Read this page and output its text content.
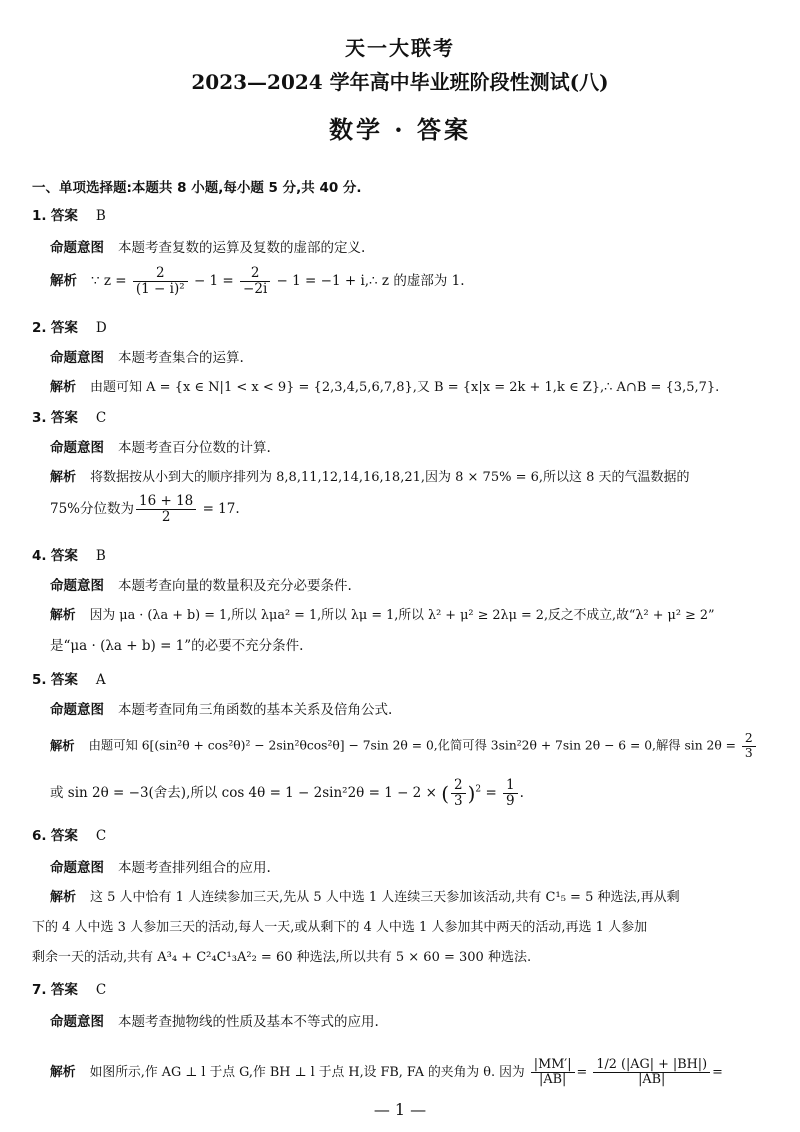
天一大联考
2023—2024 学年高中毕业班阶段性测试(八)
数学 · 答案
一、单项选择题:本题共 8 小题,每小题 5 分,共 40 分.
1. 答案 B
命题意图 本题考查复数的运算及复数的虚部的定义.
解析 ∵ $z = \frac{2}{\text{(1 − i)²}} - 1 = \frac{2}{-2i} - 1 = -1$ + i,∴ z 的虚部为 1.
2. 答案 D
命题意图 本题考查集合的运算.
解析 由题可知 A = {x ∈ N|1 < x < 9} = {2,3,4,5,6,7,8},又 B = {x|x = 2k + 1,k ∈ Z},∴ A∩B = {3,5,7}.
3. 答案 C
命题意图 本题考查百分位数的计算.
解析 将数据按从小到大的顺序排列为 8,8,11,12,14,16,18,21,因为 8 × 75% = 6,所以这 8 天的气温数据的
75%分位数为 $\frac{16 + 18}{2} = 17$.
4. 答案 B
命题意图 本题考查向量的数量积及充分必要条件.
解析 因为 μa · (λa + b) = 1,所以 λμa² = 1,所以 λμ = 1,所以 λ² + μ² ≥ 2λμ = 2,反之不成立,故“λ² + μ² ≥ 2”
是“μa · (λa + b) = 1”的必要不充分条件.
5. 答案 A
命题意图 本题考查同角三角函数的基本关系及倍角公式.
解析 由题可知 6[(sin²θ + cos²θ)² − 2sin²θcos²θ] − 7sin 2θ = 0,化简可得 3sin²2θ + 7sin 2θ − 6 = 0,解得 $\sin 2\theta = \frac{2}{3}$
或 sin 2θ = −3(舍去),所以 cos 4θ = 1 − 2sin²2θ = 1 − 2 × ( $\frac{2}{3} )^2 = \frac{1}{9}$ .
6. 答案 C
命题意图 本题考查排列组合的应用.
解析 这 5 人中恰有 1 人连续参加三天,先从 5 人中选 1 人连续三天参加该活动,共有 C¹₅ = 5 种选法,再从剩
下的 4 人中选 3 人参加三天的活动,每人一天,或从剩下的 4 人中选 1 人参加其中两天的活动,再选 1 人参加
剩余一天的活动,共有 A³₄ + C²₄C¹₃A²₂ = 60 种选法,所以共有 5 × 60 = 300 种选法.
7. 答案 C
命题意图 本题考查抛物线的性质及基本不等式的应用.
解析 如图所示,作 AG ⊥ l 于点 G,作 BH ⊥ l 于点 H,设 FB, FA 的夹角为 θ. 因为 $\frac{|MM'|}{|AB|} = \frac{1/2 (|AG| + |BH|)}{|AB|}$ =
— 1 —
